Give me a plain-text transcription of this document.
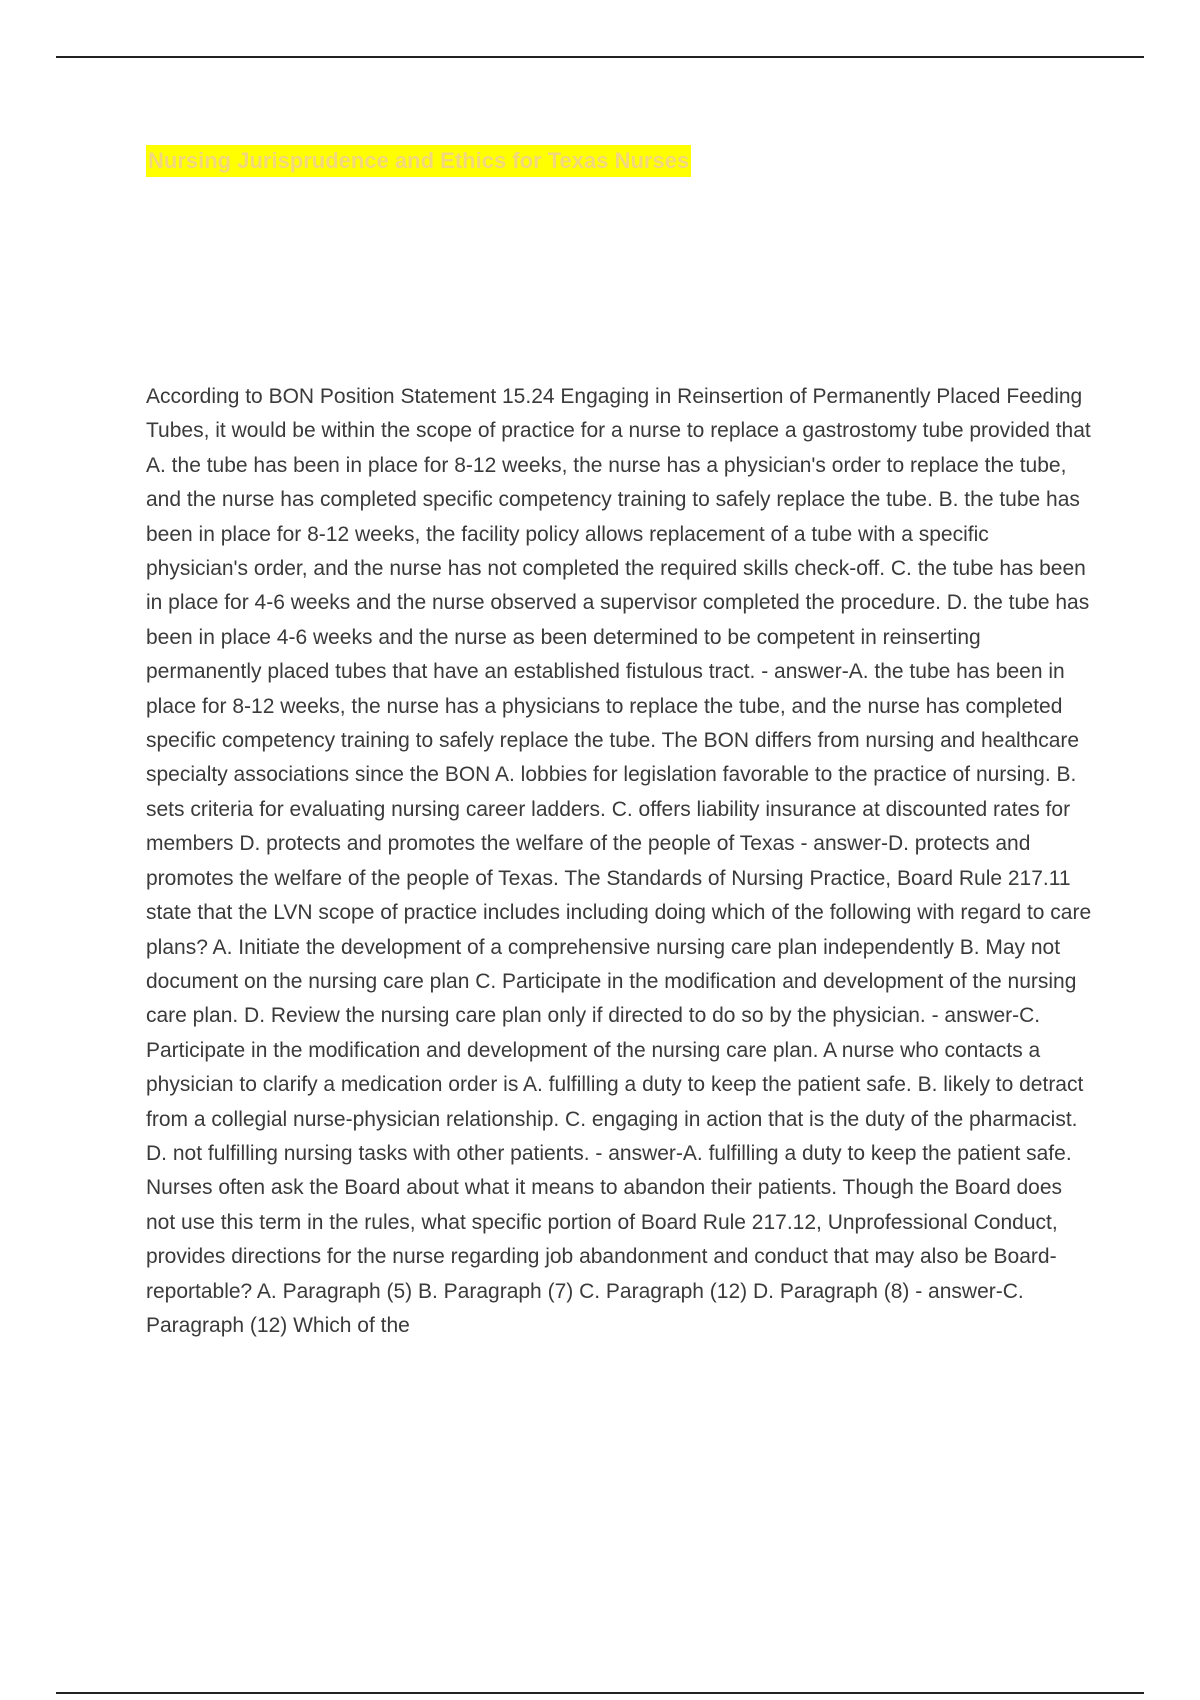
Nursing Jurisprudence and Ethics for Texas Nurses

According to BON Position Statement 15.24 Engaging in Reinsertion of Permanently Placed Feeding Tubes, it would be within the scope of practice for a nurse to replace a gastrostomy tube provided that A. the tube has been in place for 8-12 weeks, the nurse has a physician's order to replace the tube, and the nurse has completed specific competency training to safely replace the tube. B. the tube has been in place for 8-12 weeks, the facility policy allows replacement of a tube with a specific physician's order, and the nurse has not completed the required skills check-off. C. the tube has been in place for 4-6 weeks and the nurse observed a supervisor completed the procedure. D. the tube has been in place 4-6 weeks and the nurse as been determined to be competent in reinserting permanently placed tubes that have an established fistulous tract. - answer-A. the tube has been in place for 8-12 weeks, the nurse has a physicians to replace the tube, and the nurse has completed specific competency training to safely replace the tube. The BON differs from nursing and healthcare specialty associations since the BON A. lobbies for legislation favorable to the practice of nursing. B. sets criteria for evaluating nursing career ladders. C. offers liability insurance at discounted rates for members D. protects and promotes the welfare of the people of Texas - answer-D. protects and promotes the welfare of the people of Texas. The Standards of Nursing Practice, Board Rule 217.11 state that the LVN scope of practice includes including doing which of the following with regard to care plans? A. Initiate the development of a comprehensive nursing care plan independently B. May not document on the nursing care plan C. Participate in the modification and development of the nursing care plan. D. Review the nursing care plan only if directed to do so by the physician. - answer-C. Participate in the modification and development of the nursing care plan. A nurse who contacts a physician to clarify a medication order is A. fulfilling a duty to keep the patient safe. B. likely to detract from a collegial nurse-physician relationship. C. engaging in action that is the duty of the pharmacist. D. not fulfilling nursing tasks with other patients. - answer-A. fulfilling a duty to keep the patient safe. Nurses often ask the Board about what it means to abandon their patients. Though the Board does not use this term in the rules, what specific portion of Board Rule 217.12, Unprofessional Conduct, provides directions for the nurse regarding job abandonment and conduct that may also be Board-reportable? A. Paragraph (5) B. Paragraph (7) C. Paragraph (12) D. Paragraph (8) - answer-C. Paragraph (12) Which of the
